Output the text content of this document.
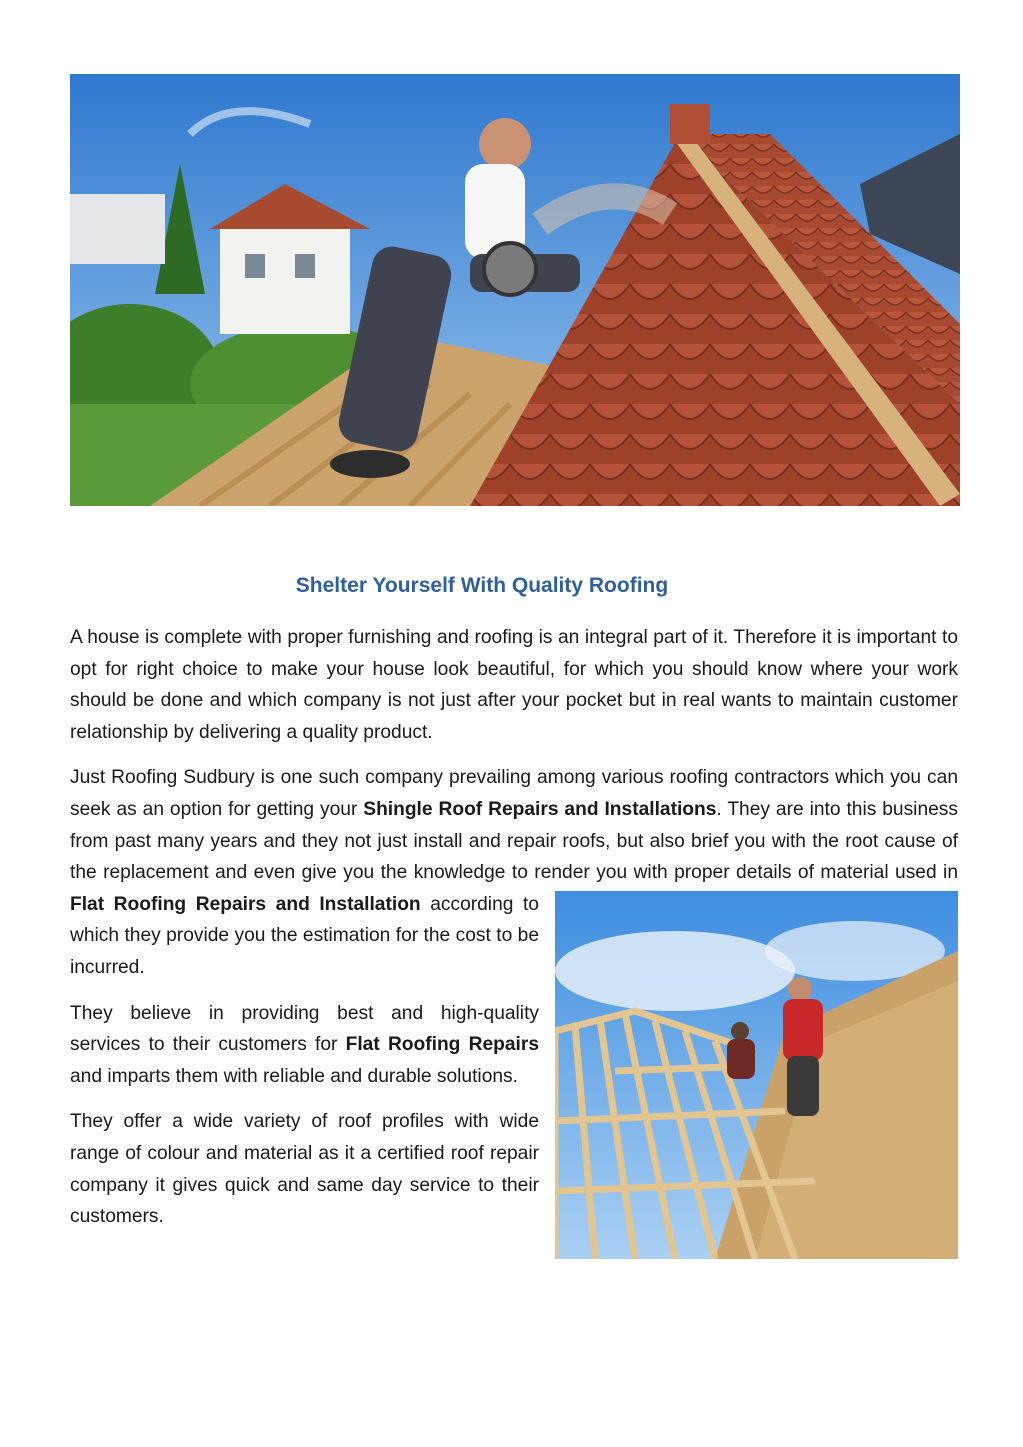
Shelter Yourself With Quality Roofing

A house is complete with proper furnishing and roofing is an integral part of it. Therefore it is important to opt for right choice to make your house look beautiful, for which you should know where your work should be done and which company is not just after your pocket but in real wants to maintain customer relationship by delivering a quality product.

Just Roofing Sudbury is one such company prevailing among various roofing contractors which you can seek as an option for getting your Shingle Roof Repairs and Installations. They are into this business from past many years and they not just install and repair roofs, but also brief you with the root cause of the replacement and even give you the knowledge to render you with proper details of material used in
Flat Roofing Repairs and Installation according to which they provide you the estimation for the cost to be incurred.

They believe in providing best and high-quality services to their customers for Flat Roofing Repairs and imparts them with reliable and durable solutions.

They offer a wide variety of roof profiles with wide range of colour and material as it a certified roof repair company it gives quick and same day service to their customers.
